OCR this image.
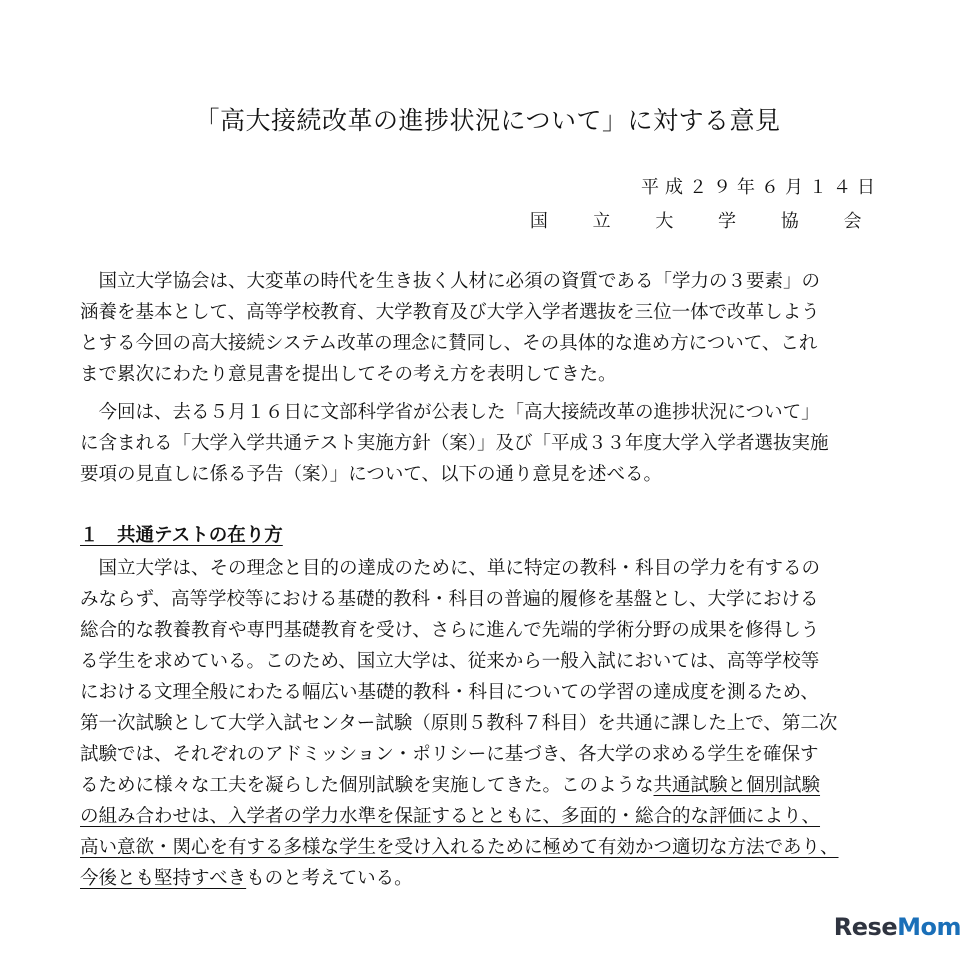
「高大接続改革の進捗状況について」に対する意見
平成２９年６月１４日
国 立 大 学 協 会
　国立大学協会は、大変革の時代を生き抜く人材に必須の資質である「学力の３要素」の
涵養を基本として、高等学校教育、大学教育及び大学入学者選抜を三位一体で改革しよう
とする今回の高大接続システム改革の理念に賛同し、その具体的な進め方について、これ
まで累次にわたり意見書を提出してその考え方を表明してきた。
　今回は、去る５月１６日に文部科学省が公表した「高大接続改革の進捗状況について」
に含まれる「大学入学共通テスト実施方針（案）」及び「平成３３年度大学入学者選抜実施
要項の見直しに係る予告（案）」について、以下の通り意見を述べる。
１　共通テストの在り方
　国立大学は、その理念と目的の達成のために、単に特定の教科・科目の学力を有するの
みならず、高等学校等における基礎的教科・科目の普遍的履修を基盤とし、大学における
総合的な教養教育や専門基礎教育を受け、さらに進んで先端的学術分野の成果を修得しう
る学生を求めている。このため、国立大学は、従来から一般入試においては、高等学校等
における文理全般にわたる幅広い基礎的教科・科目についての学習の達成度を測るため、
第一次試験として大学入試センター試験（原則５教科７科目）を共通に課した上で、第二次
試験では、それぞれのアドミッション・ポリシーに基づき、各大学の求める学生を確保す
るために様々な工夫を凝らした個別試験を実施してきた。このような共通試験と個別試験
の組み合わせは、入学者の学力水準を保証するとともに、多面的・総合的な評価により、
高い意欲・関心を有する多様な学生を受け入れるために極めて有効かつ適切な方法であり、
今後とも堅持すべきものと考えている。
ReseMom
